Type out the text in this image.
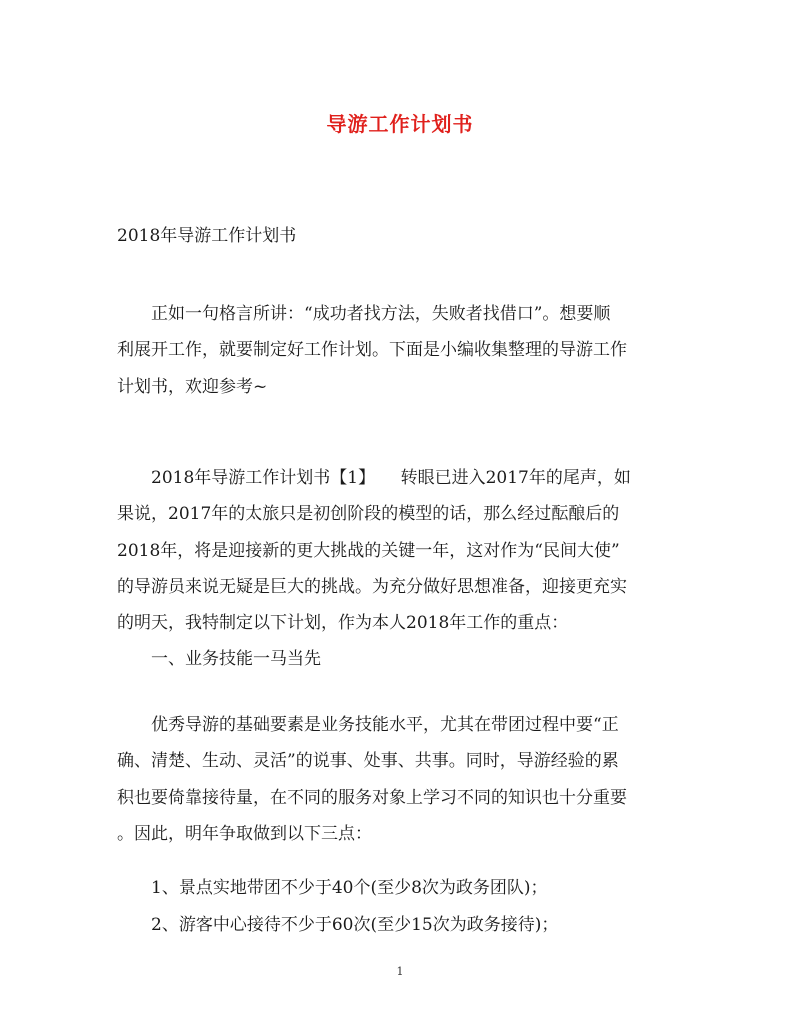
导游工作计划书
2018年导游工作计划书
正如一句格言所讲：“成功者找方法，失败者找借口”。想要顺
利展开工作，就要制定好工作计划。下面是小编收集整理的导游工作
计划书，欢迎参考~
2018年导游工作计划书【1】　　转眼已进入2017年的尾声，如
果说，2017年的太旅只是初创阶段的模型的话，那么经过酝酿后的
2018年，将是迎接新的更大挑战的关键一年，这对作为“民间大使”
的导游员来说无疑是巨大的挑战。为充分做好思想准备，迎接更充实
的明天，我特制定以下计划，作为本人2018年工作的重点：
一、业务技能一马当先
优秀导游的基础要素是业务技能水平，尤其在带团过程中要“正
确、清楚、生动、灵活”的说事、处事、共事。同时，导游经验的累
积也要倚靠接待量，在不同的服务对象上学习不同的知识也十分重要
。因此，明年争取做到以下三点：
1、景点实地带团不少于40个(至少8次为政务团队)；
2、游客中心接待不少于60次(至少15次为政务接待)；
1
